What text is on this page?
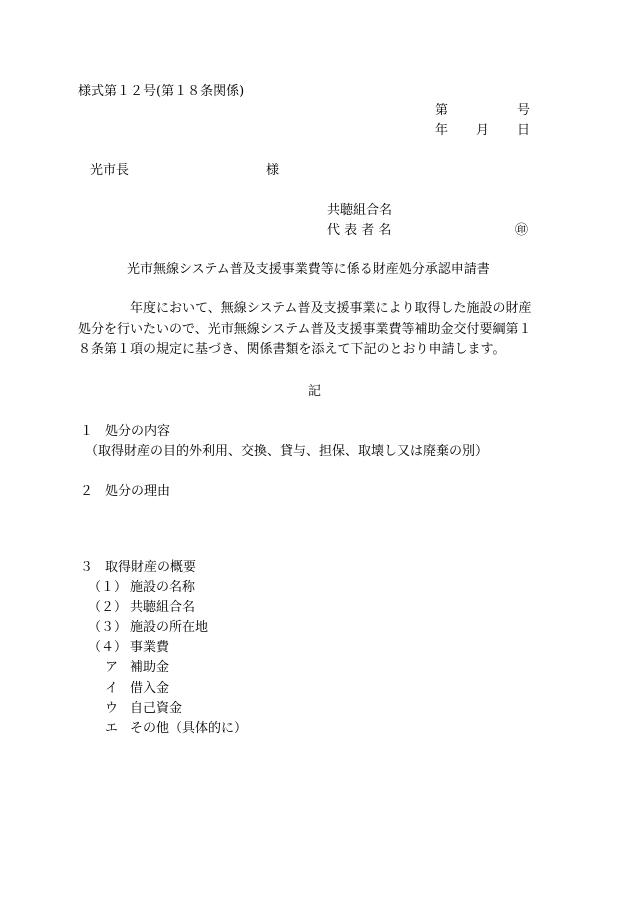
様式第１２号(第１８条関係)
第	号
年 月 日
光市長	様
共聴組合名
代 表 者 名	㊞
光市無線システム普及支援事業費等に係る財産処分承認申請書
年度において、無線システム普及支援事業により取得した施設の財産
処分を行いたいので、光市無線システム普及支援事業費等補助金交付要綱第１
８条第１項の規定に基づき、関係書類を添えて下記のとおり申請します。
記
１ 処分の内容
（取得財産の目的外利用、交換、貸与、担保、取壊し又は廃棄の別）
２ 処分の理由
３ 取得財産の概要
（１） 施設の名称
（２） 共聴組合名
（３） 施設の所在地
（４） 事業費
ア 補助金
イ 借入金
ウ 自己資金
エ その他（具体的に）
